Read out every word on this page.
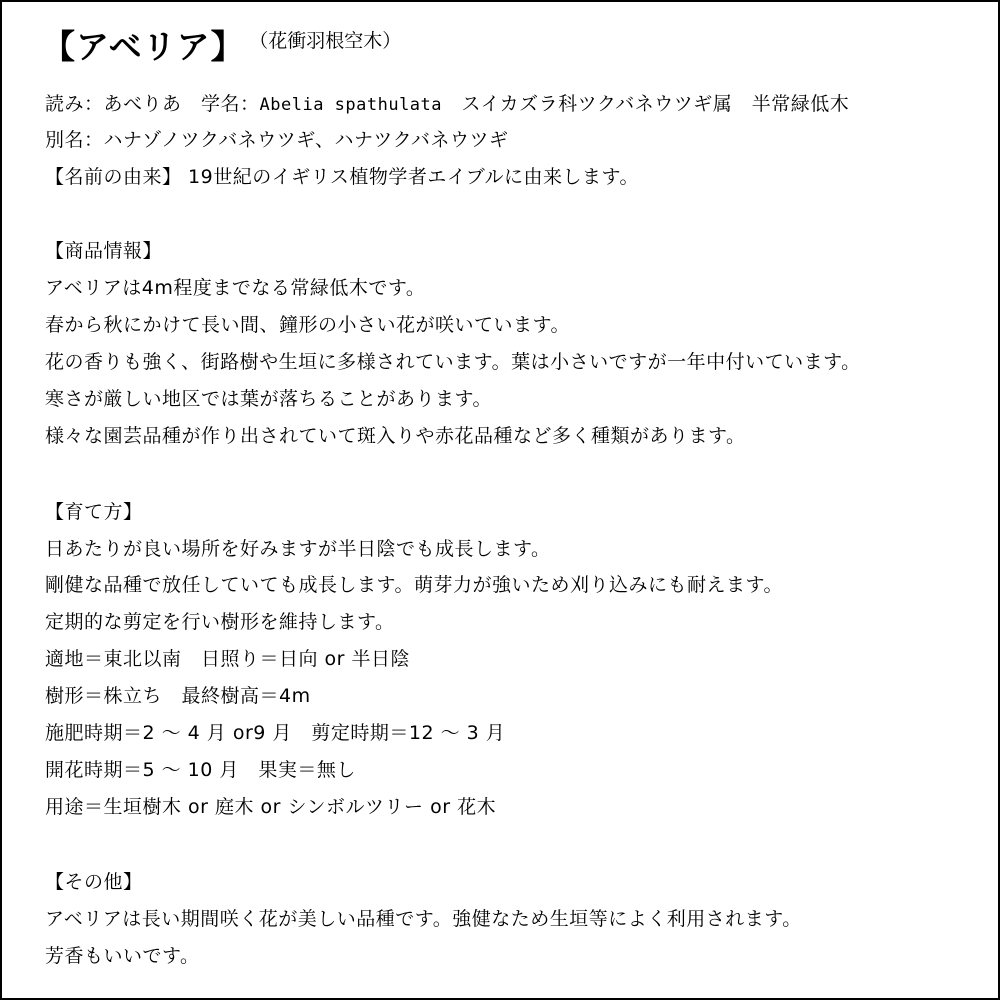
【アベリア】 （花衝羽根空木）
読み：あべりあ　学名：Abelia spathulata　スイカズラ科ツクバネウツギ属　半常緑低木
別名：ハナゾノツクバネウツギ、ハナツクバネウツギ
【名前の由来】 19世紀のイギリス植物学者エイブルに由来します。
【商品情報】
アベリアは4m程度までなる常緑低木です。
春から秋にかけて長い間、鐘形の小さい花が咲いています。
花の香りも強く、街路樹や生垣に多様されています。葉は小さいですが一年中付いています。
寒さが厳しい地区では葉が落ちることがあります。
様々な園芸品種が作り出されていて斑入りや赤花品種など多く種類があります。
【育て方】
日あたりが良い場所を好みますが半日陰でも成長します。
剛健な品種で放任していても成長します。萌芽力が強いため刈り込みにも耐えます。
定期的な剪定を行い樹形を維持します。
適地＝東北以南　日照り＝日向 or 半日陰
樹形＝株立ち　最終樹高＝4m
施肥時期＝2 ～ 4 月 or9 月　剪定時期＝12 ～ 3 月
開花時期＝5 ～ 10 月　果実＝無し
用途＝生垣樹木 or 庭木 or シンボルツリー or 花木
【その他】
アベリアは長い期間咲く花が美しい品種です。強健なため生垣等によく利用されます。
芳香もいいです。
